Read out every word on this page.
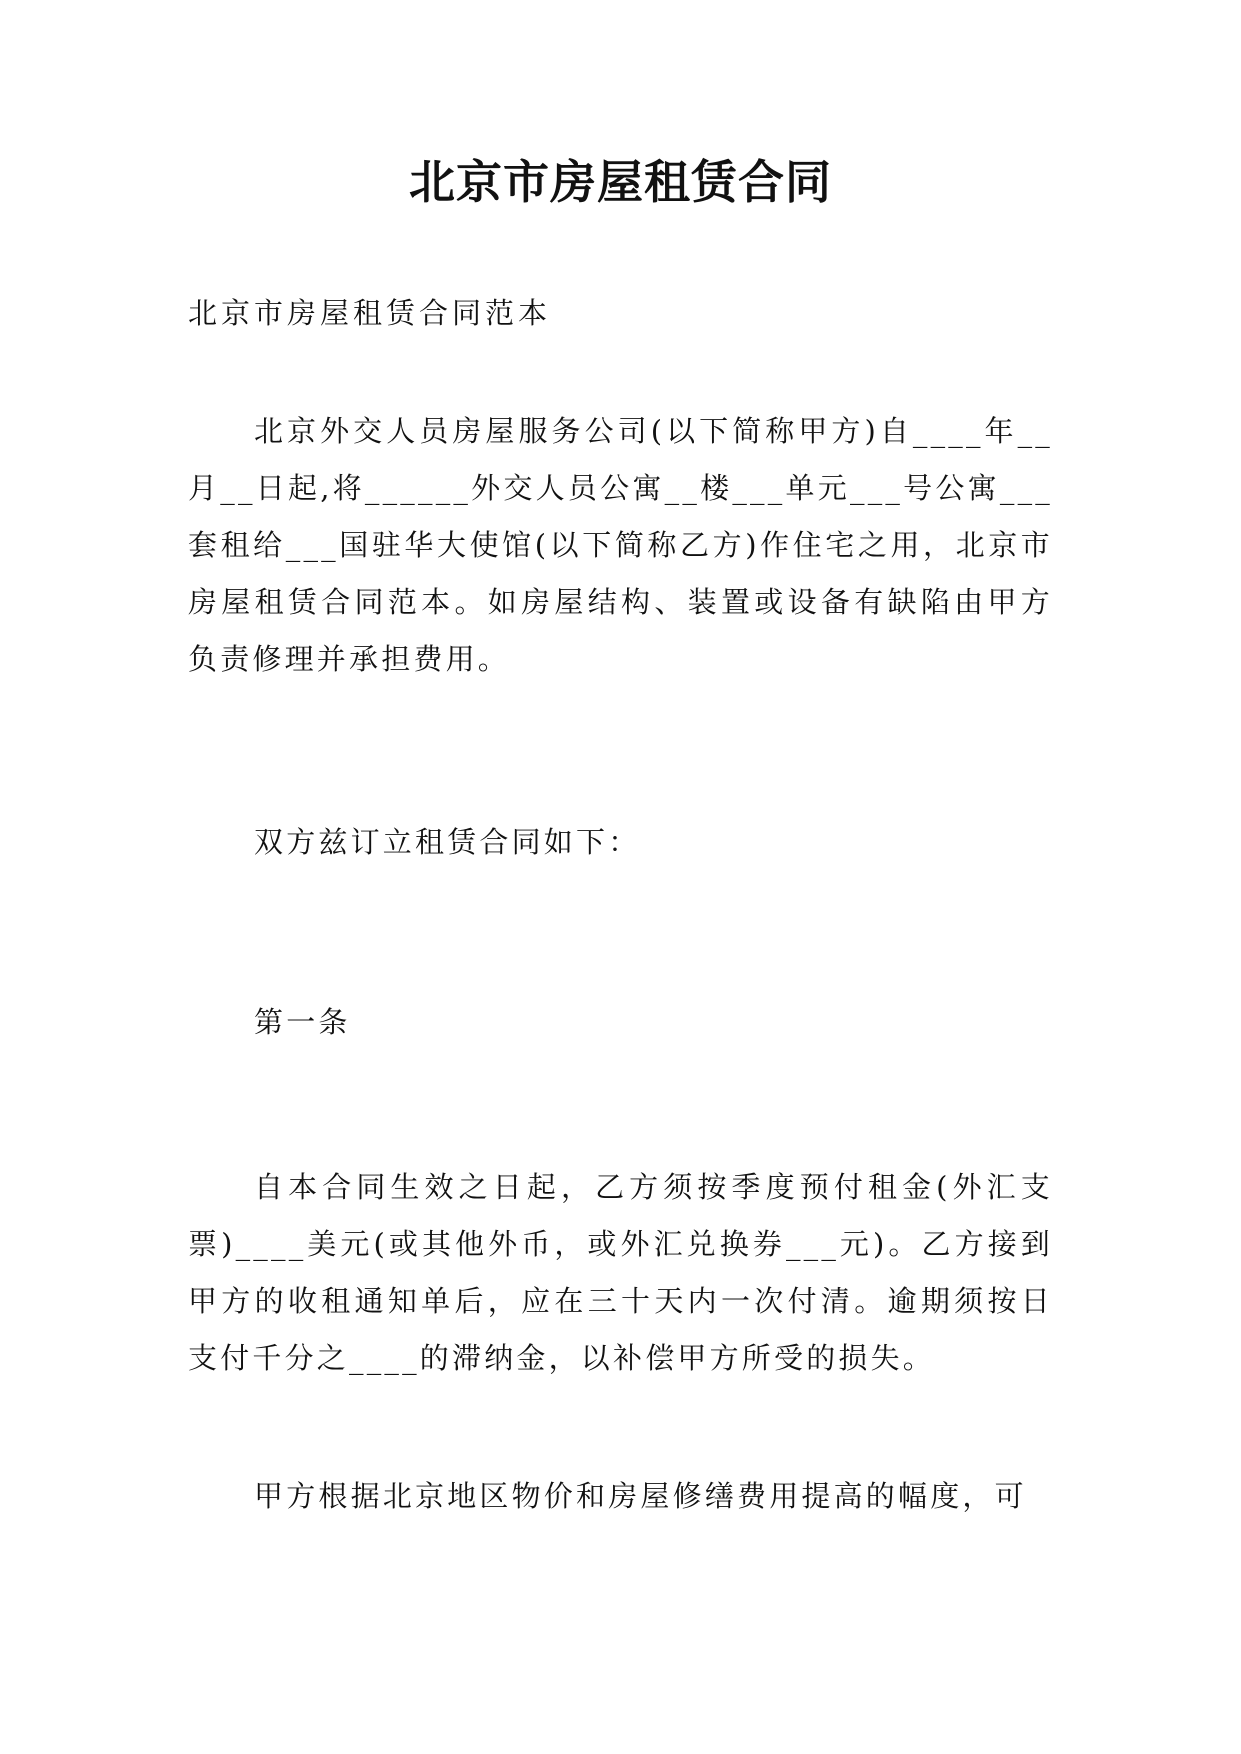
北京市房屋租赁合同

北京市房屋租赁合同范本

北京外交人员房屋服务公司(以下简称甲方)自____年__月__日起,将______外交人员公寓__楼___单元___号公寓___套租给___国驻华大使馆(以下简称乙方)作住宅之用，北京市房屋租赁合同范本。如房屋结构、装置或设备有缺陷由甲方负责修理并承担费用。

双方兹订立租赁合同如下：

第一条

自本合同生效之日起，乙方须按季度预付租金(外汇支票)____美元(或其他外币，或外汇兑换券___元)。乙方接到甲方的收租通知单后，应在三十天内一次付清。逾期须按日支付千分之____的滞纳金，以补偿甲方所受的损失。

甲方根据北京地区物价和房屋修缮费用提高的幅度，可
